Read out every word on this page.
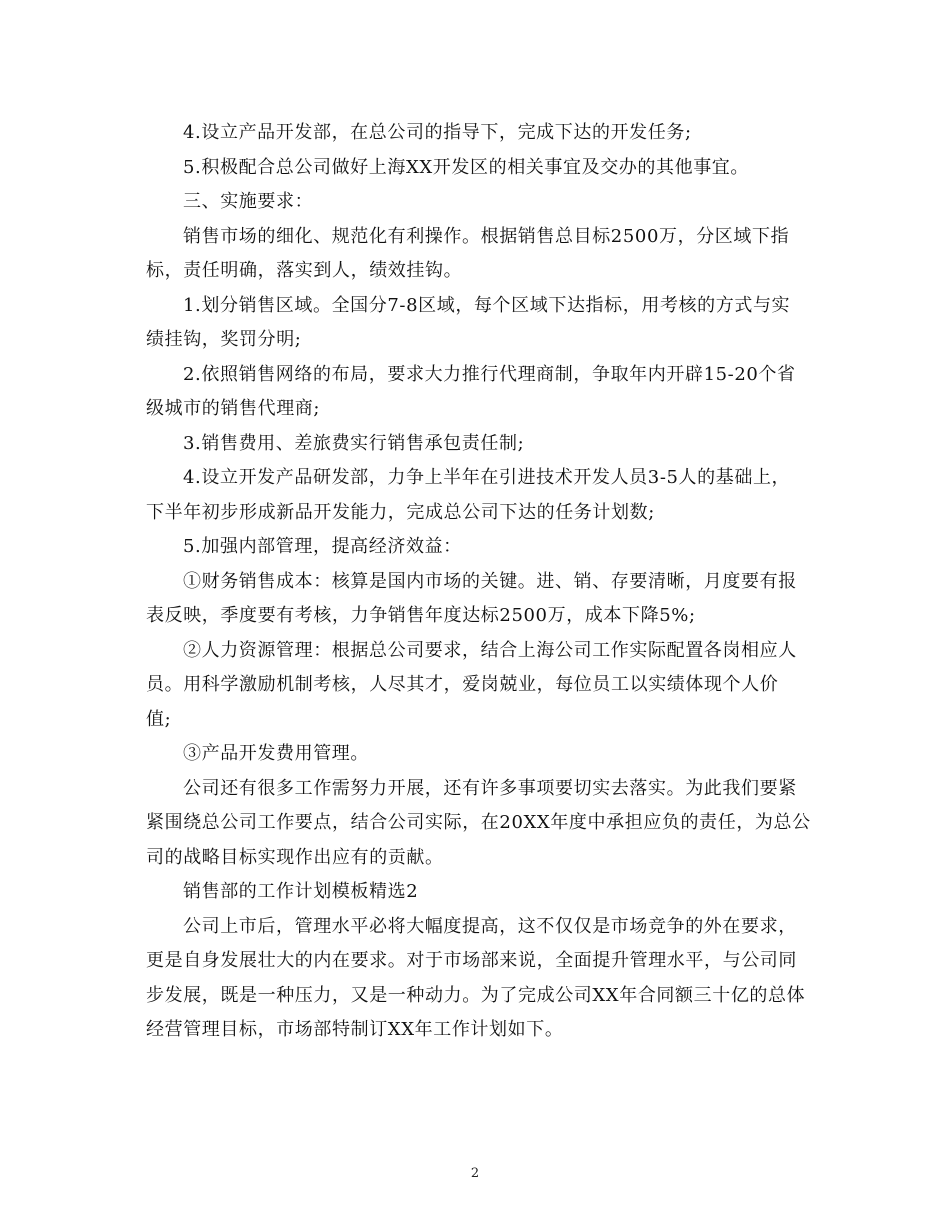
4.设立产品开发部，在总公司的指导下，完成下达的开发任务;
5.积极配合总公司做好上海XX开发区的相关事宜及交办的其他事宜。
三、实施要求：
销售市场的细化、规范化有利操作。根据销售总目标2500万，分区域下指
标，责任明确，落实到人，绩效挂钩。
1.划分销售区域。全国分7-8区域，每个区域下达指标，用考核的方式与实
绩挂钩，奖罚分明;
2.依照销售网络的布局，要求大力推行代理商制，争取年内开辟15-20个省
级城市的销售代理商;
3.销售费用、差旅费实行销售承包责任制;
4.设立开发产品研发部，力争上半年在引进技术开发人员3-5人的基础上，
下半年初步形成新品开发能力，完成总公司下达的任务计划数;
5.加强内部管理，提高经济效益：
①财务销售成本：核算是国内市场的关键。进、销、存要清晰，月度要有报
表反映，季度要有考核，力争销售年度达标2500万，成本下降5%;
②人力资源管理：根据总公司要求，结合上海公司工作实际配置各岗相应人
员。用科学激励机制考核，人尽其才，爱岗兢业，每位员工以实绩体现个人价
值;
③产品开发费用管理。
公司还有很多工作需努力开展，还有许多事项要切实去落实。为此我们要紧
紧围绕总公司工作要点，结合公司实际，在20XX年度中承担应负的责任，为总公
司的战略目标实现作出应有的贡献。
销售部的工作计划模板精选2
公司上市后，管理水平必将大幅度提高，这不仅仅是市场竞争的外在要求，
更是自身发展壮大的内在要求。对于市场部来说，全面提升管理水平，与公司同
步发展，既是一种压力，又是一种动力。为了完成公司XX年合同额三十亿的总体
经营管理目标，市场部特制订XX年工作计划如下。
2
